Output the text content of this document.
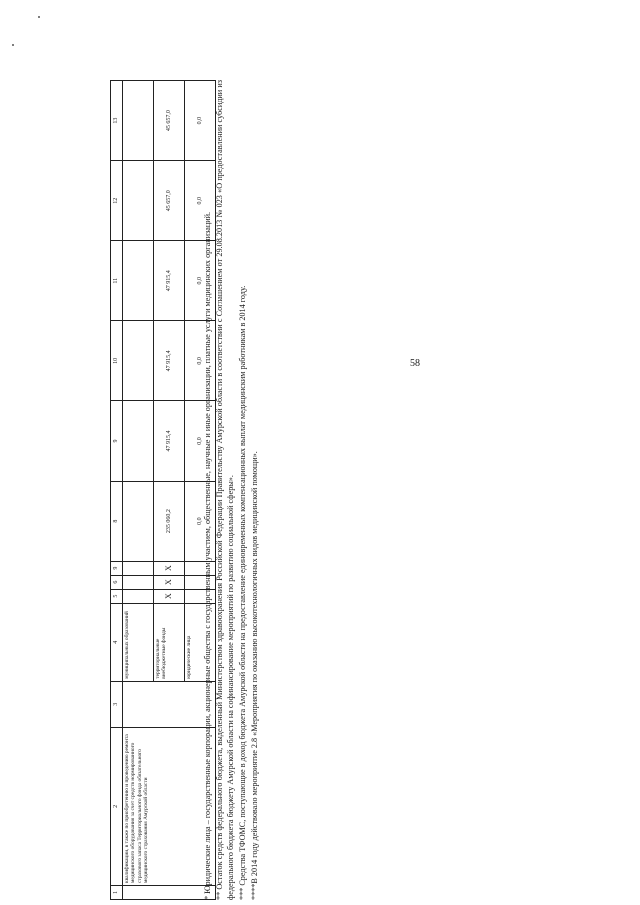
58
1	2	3	4	5	6	9	8	9	10	11	12	13
	квалификации, в также по приобретению и проведению ремонта медицинского оборудования за счет средств нормированного страхового запаса Территориального фонда обязательного медицинского страхования Амурской области		муниципальных образований									
			территориальные внебюджетные фонды	Х	Х	Х	235 060,2	47 915,4	47 915,4	47 915,4	45 657,0	45 657,0
			юридические лица				0,0	0,0	0,0	0,0	0,0	0,0

* Юридические лица – государственные корпорации, акционерные общества с государственным участием, общественные, научные и иные организации, платные услуги медицинских организаций. ** Остаток средств федерального бюджета, выделенный Министерством здравоохранения Российской Федерации Правительству Амурской области в соответствии с Соглашением от 29.08.2013 № 023 «О предоставлении субсидии из федерального бюджета бюджету Амурской области на софинансирование мероприятий по развитию социальной сферы». *** Средства ТФОМС, поступающие в доход бюджета Амурской области на предоставление единовременных компенсационных выплат медицинским работникам в 2014 году. ****В 2014 году действовало мероприятие 2.8 «Мероприятия по оказанию высокотехнологичных видов медицинской помощи».
